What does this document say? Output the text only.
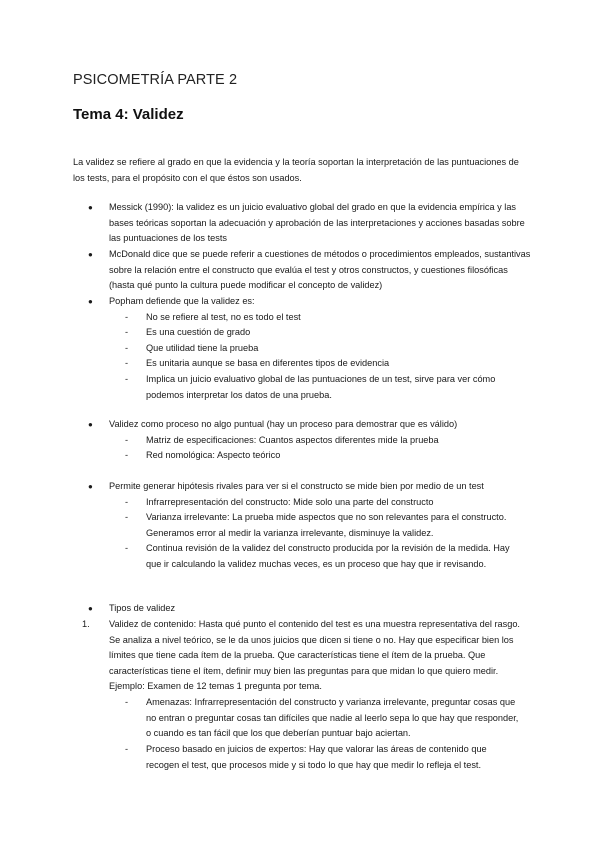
PSICOMETRÍA PARTE 2
Tema 4: Validez
La validez se refiere al grado en que la evidencia y la teoría soportan la interpretación de las puntuaciones de los tests, para el propósito con el que éstos son usados.
●	Messick (1990): la validez es un juicio evaluativo global del grado en que la evidencia empírica y las bases teóricas soportan la adecuación y aprobación de las interpretaciones y acciones basadas sobre las puntuaciones de los tests
●	McDonald dice que se puede referir a cuestiones de métodos o procedimientos empleados, sustantivas sobre la relación entre el constructo que evalúa el test y otros constructos, y cuestiones filosóficas (hasta qué punto la cultura puede modificar el concepto de validez)
●	Popham defiende que la validez es:
-	No se refiere al test, no es todo el test
-	Es una cuestión de grado
-	Que utilidad tiene la prueba
-	Es unitaria aunque se basa en diferentes tipos de evidencia
-	Implica un juicio evaluativo global de las puntuaciones de un test, sirve para ver cómo podemos interpretar los datos de una prueba.
●	Validez como proceso no algo puntual (hay un proceso para demostrar que es válido)
-	Matriz de especificaciones: Cuantos aspectos diferentes mide la prueba
-	Red nomológica: Aspecto teórico
●	Permite generar hipótesis rivales para ver si el constructo se mide bien por medio de un test
-	Infrarrepresentación del constructo: Mide solo una parte del constructo
-	Varianza irrelevante: La prueba mide aspectos que no son relevantes para el constructo. Generamos error al medir la varianza irrelevante, disminuye la validez.
-	Continua revisión de la validez del constructo producida por la revisión de la medida. Hay que ir calculando la validez muchas veces, es un proceso que hay que ir revisando.
●	Tipos de validez
1.	Validez de contenido: Hasta qué punto el contenido del test es una muestra representativa del rasgo. Se analiza a nivel teórico, se le da unos juicios que dicen si tiene o no. Hay que especificar bien los límites que tiene cada ítem de la prueba. Que características tiene el ítem de la prueba. Que características tiene el ítem, definir muy bien las preguntas para que midan lo que quiero medir. Ejemplo: Examen de 12 temas 1 pregunta por tema.
-	Amenazas: Infrarrepresentación del constructo y varianza irrelevante, preguntar cosas que no entran o preguntar cosas tan difíciles que nadie al leerlo sepa lo que hay que responder, o cuando es tan fácil que los que deberían puntuar bajo aciertan.
-	Proceso basado en juicios de expertos: Hay que valorar las áreas de contenido que recogen el test, que procesos mide y si todo lo que hay que medir lo refleja el test.
